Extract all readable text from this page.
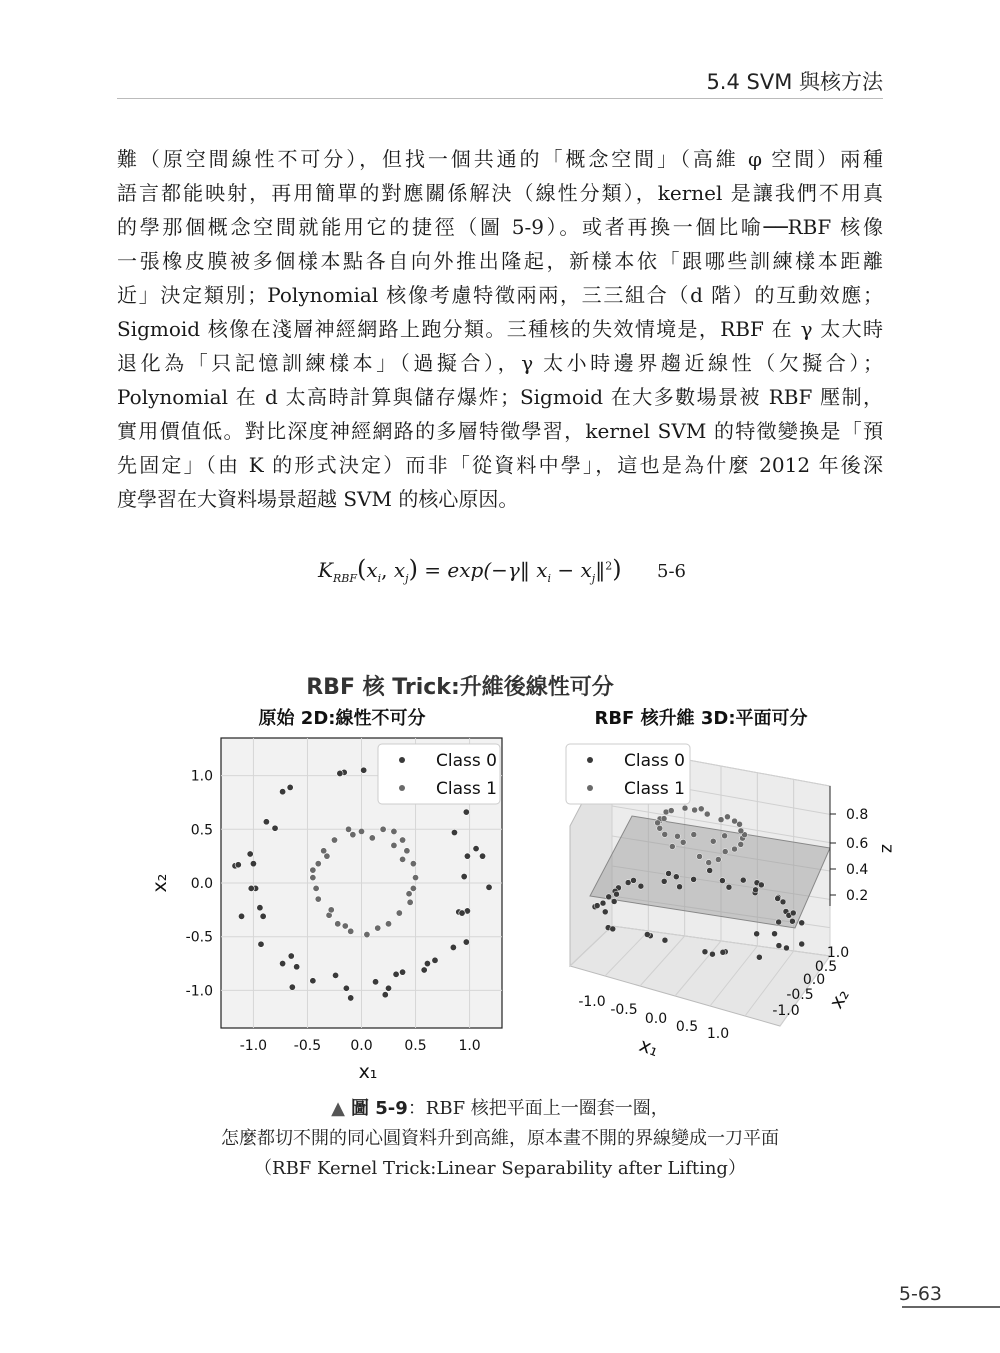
5.4 SVM 與核方法
難（原空間線性不可分），但找一個共通的「概念空間」（高維 φ 空間）兩種
語言都能映射，再用簡單的對應關係解決（線性分類），kernel 是讓我們不用真
的學那個概念空間就能用它的捷徑（圖 5-9）。或者再換一個比喻──RBF 核像
一張橡皮膜被多個樣本點各自向外推出隆起，新樣本依「跟哪些訓練樣本距離
近」決定類別；Polynomial 核像考慮特徵兩兩，三三組合（d 階）的互動效應；
Sigmoid 核像在淺層神經網路上跑分類。三種核的失效情境是，RBF 在 γ 太大時
退化為「只記憶訓練樣本」（過擬合），γ 太小時邊界趨近線性（欠擬合）；
Polynomial 在 d 太高時計算與儲存爆炸；Sigmoid 在大多數場景被 RBF 壓制，
實用價值低。對比深度神經網路的多層特徵學習，kernel SVM 的特徵變換是「預
先固定」（由 K 的形式決定）而非「從資料中學」，這也是為什麼 2012 年後深
度學習在大資料場景超越 SVM 的核心原因。
$K_{RBF}(x_i$, $x_j$) = exp(−γ‖ $x_i$ − $x_j‖^2$) 5-6
RBF 核 Trick:升維後線性可分
原始 2D:線性不可分	RBF 核升維 3D:平面可分
-1.0 -0.5 0.0 0.5 1.0
1.0
0.5
0.0
-0.5
-1.0
x₁
x₂
Class 0
Class 1
0.8
0.6
0.4
0.2
-1.0 -0.5
0.0 0.5 1.0
1.0
0.5
0.0
-0.5
-1.0
x₁
x₂
z
Class 0
Class 1
▲ 圖 5-9：RBF 核把平面上一圈套一圈，
怎麼都切不開的同心圓資料升到高維，原本畫不開的界線變成一刀平面
（RBF Kernel Trick:Linear Separability after Lifting）
5-63
